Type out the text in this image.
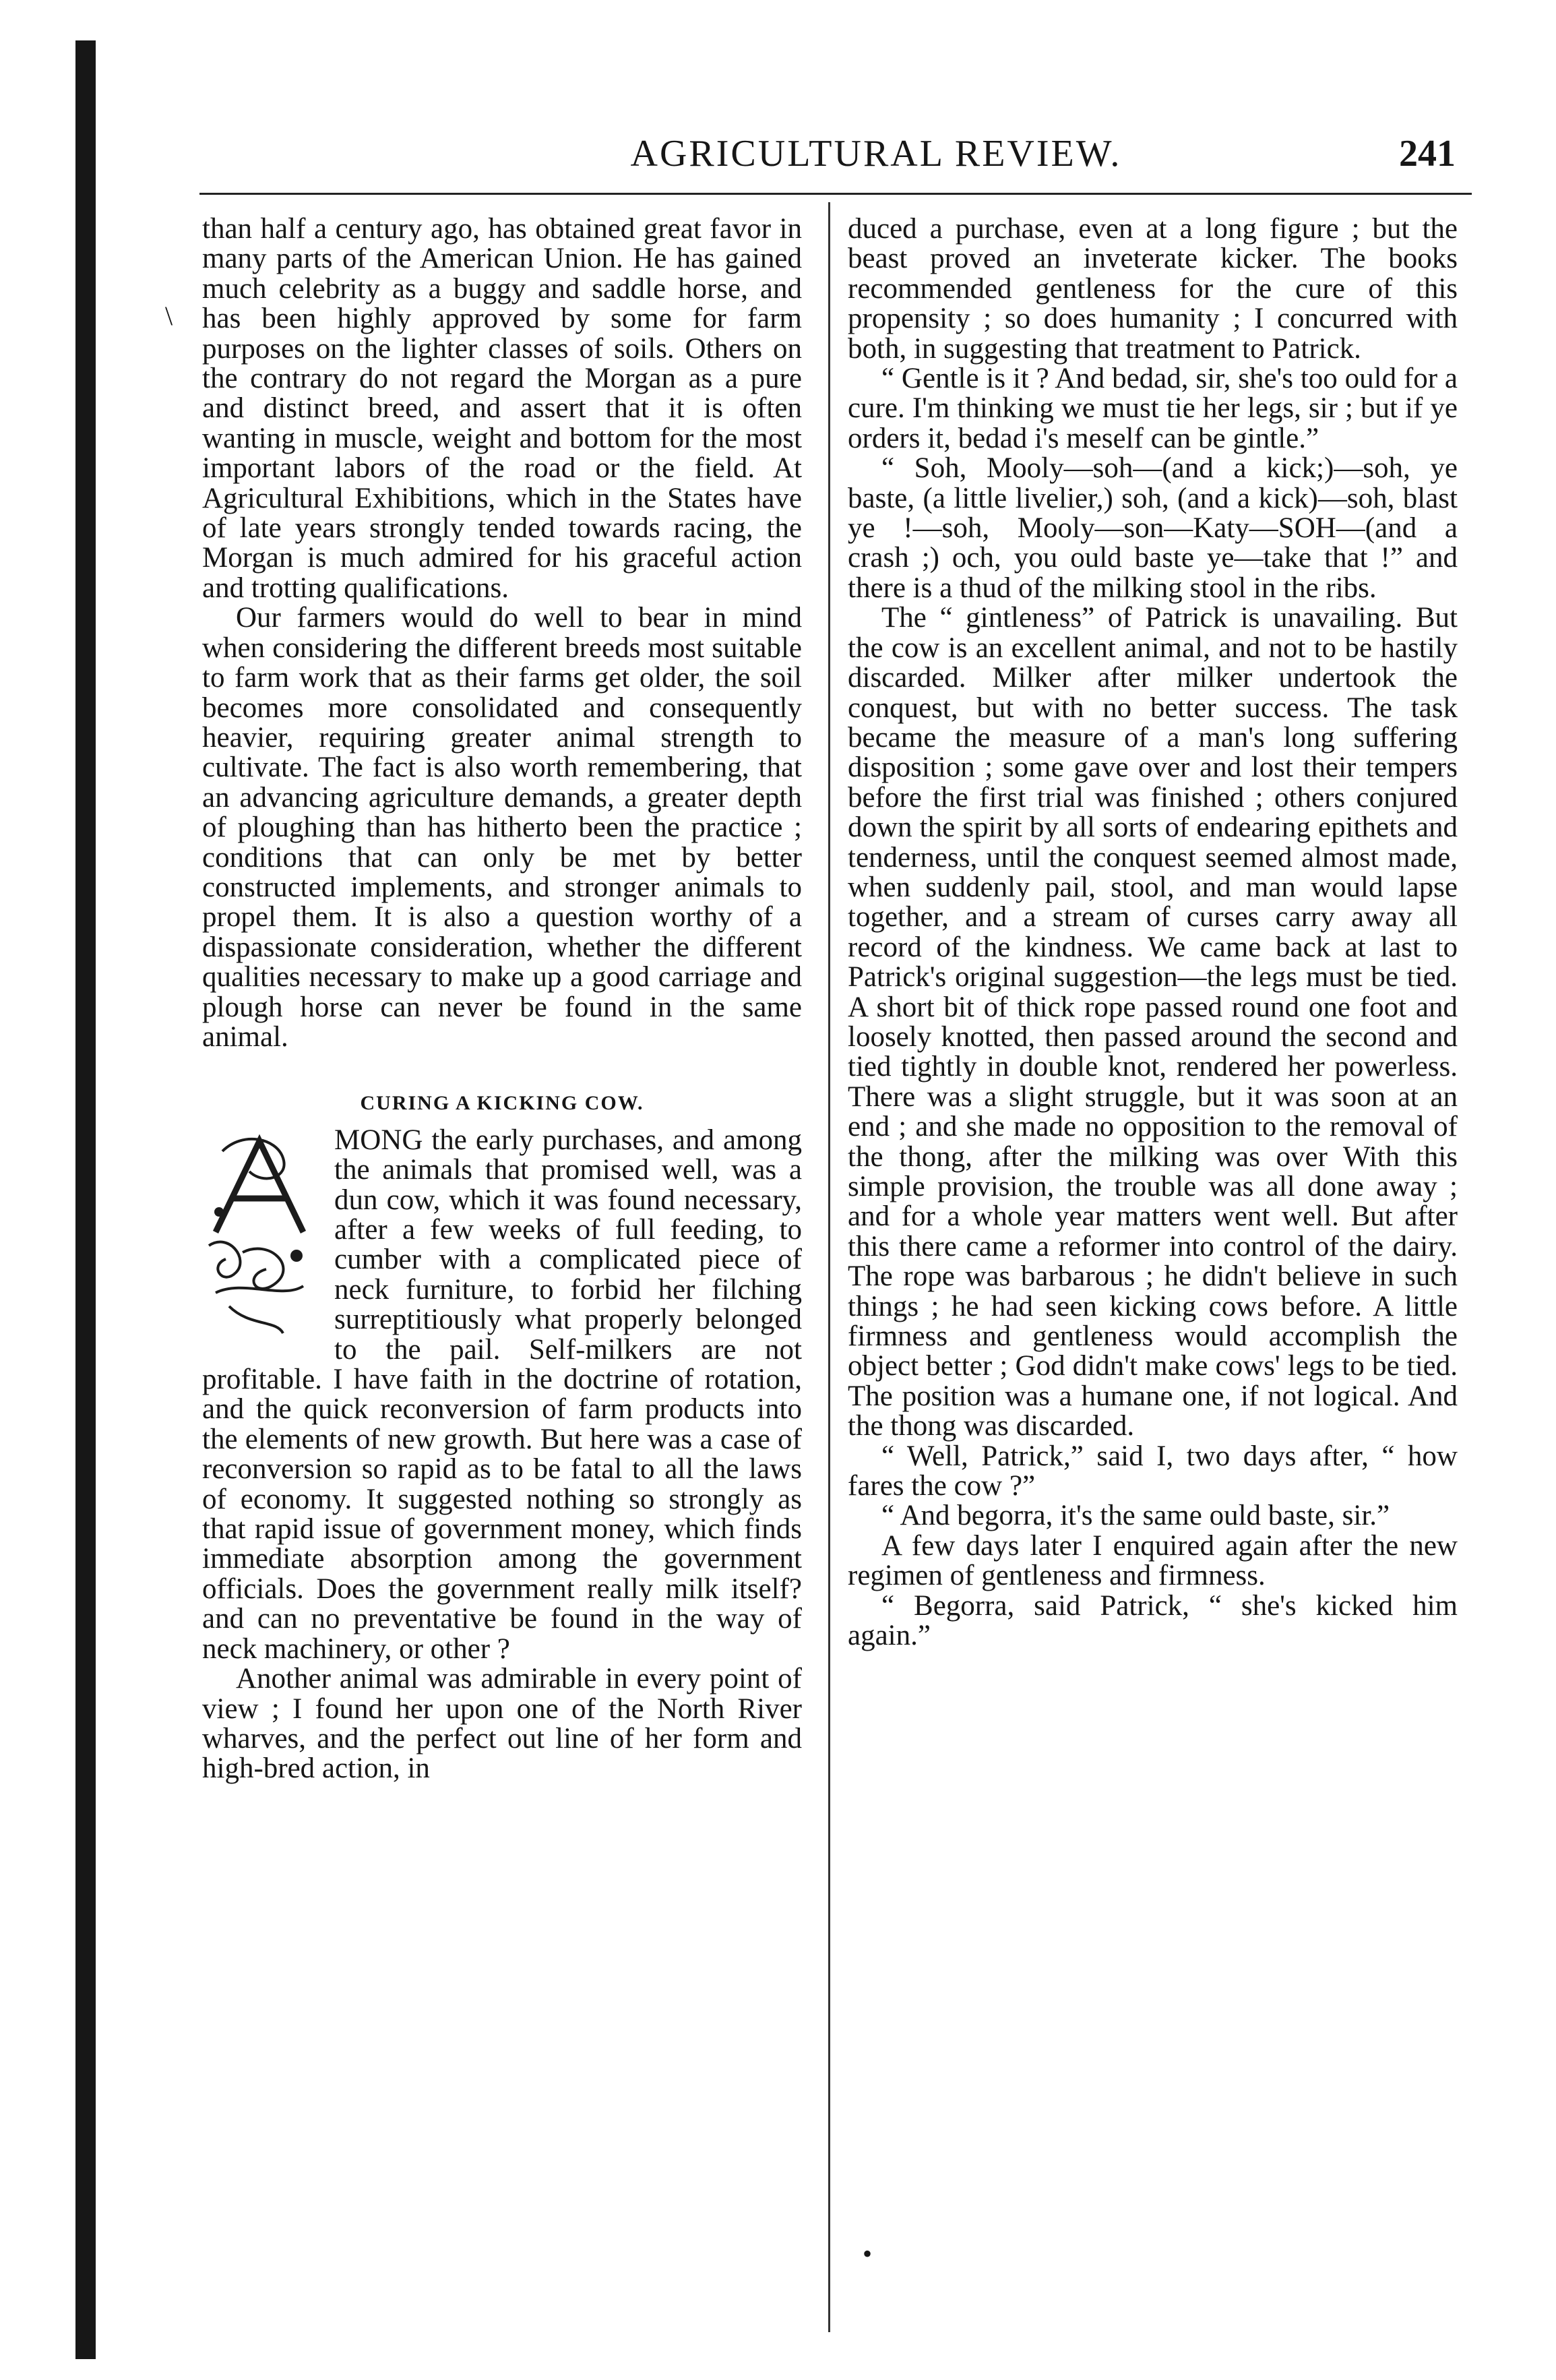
AGRICULTURAL REVIEW.	241
\

than half a century ago, has obtained great favor in many parts of the American Union. He has gained much celebrity as a buggy and saddle horse, and has been highly approved by some for farm purposes on the lighter classes of soils. Others on the contrary do not regard the Morgan as a pure and distinct breed, and assert that it is often wanting in muscle, weight and bottom for the most important labors of the road or the field. At Agricultural Exhibitions, which in the States have of late years strongly tended towards racing, the Morgan is much admired for his graceful action and trotting qualifications.

Our farmers would do well to bear in mind when considering the different breeds most suitable to farm work that as their farms get older, the soil becomes more consolidated and consequently heavier, requiring greater animal strength to cultivate. The fact is also worth remembering, that an advancing agriculture demands, a greater depth of ploughing than has hitherto been the practice ; conditions that can only be met by better constructed implements, and stronger animals to propel them. It is also a question worthy of a dispassionate consideration, whether the different qualities necessary to make up a good carriage and plough horse can never be found in the same animal.

CURING A KICKING COW.

MONG the early purchases, and among the animals that promised well, was a dun cow, which it was found necessary, after a few weeks of full feeding, to cumber with a complicated piece of neck furniture, to forbid her filching surreptitiously what properly belonged to the pail. Self-milkers are not profitable. I have faith in the doctrine of rotation, and the quick reconversion of farm products into the elements of new growth. But here was a case of reconversion so rapid as to be fatal to all the laws of economy. It suggested nothing so strongly as that rapid issue of government money, which finds immediate absorption among the government officials. Does the government really milk itself? and can no preventative be found in the way of neck machinery, or other ?

Another animal was admirable in every point of view ; I found her upon one of the North River wharves, and the perfect out line of her form and high-bred action, in

duced a purchase, even at a long figure ; but the beast proved an inveterate kicker. The books recommended gentleness for the cure of this propensity ; so does humanity ; I concurred with both, in suggesting that treatment to Patrick.

“ Gentle is it ? And bedad, sir, she's too ould for a cure. I'm thinking we must tie her legs, sir ; but if ye orders it, bedad i's meself can be gintle.”

“ Soh, Mooly—soh—(and a kick;)—soh, ye baste, (a little livelier,) soh, (and a kick)—soh, blast ye !—soh, Mooly—son—Katy—SOH—(and a crash ;) och, you ould baste ye—take that !” and there is a thud of the milking stool in the ribs.

The “ gintleness” of Patrick is unavailing. But the cow is an excellent animal, and not to be hastily discarded. Milker after milker undertook the conquest, but with no better success. The task became the measure of a man's long suffering disposition ; some gave over and lost their tempers before the first trial was finished ; others conjured down the spirit by all sorts of endearing epithets and tenderness, until the conquest seemed almost made, when suddenly pail, stool, and man would lapse together, and a stream of curses carry away all record of the kindness. We came back at last to Patrick's original suggestion—the legs must be tied. A short bit of thick rope passed round one foot and loosely knotted, then passed around the second and tied tightly in double knot, rendered her powerless. There was a slight struggle, but it was soon at an end ; and she made no opposition to the removal of the thong, after the milking was over With this simple provision, the trouble was all done away ; and for a whole year matters went well. But after this there came a reformer into control of the dairy. The rope was barbarous ; he didn't believe in such things ; he had seen kicking cows before. A little firmness and gentleness would accomplish the object better ; God didn't make cows' legs to be tied. The position was a humane one, if not logical. And the thong was discarded.

“ Well, Patrick,” said I, two days after, “ how fares the cow ?”

“ And begorra, it's the same ould baste, sir.”

A few days later I enquired again after the new regimen of gentleness and firmness.

“ Begorra, said Patrick, “ she's kicked him again.”

•
